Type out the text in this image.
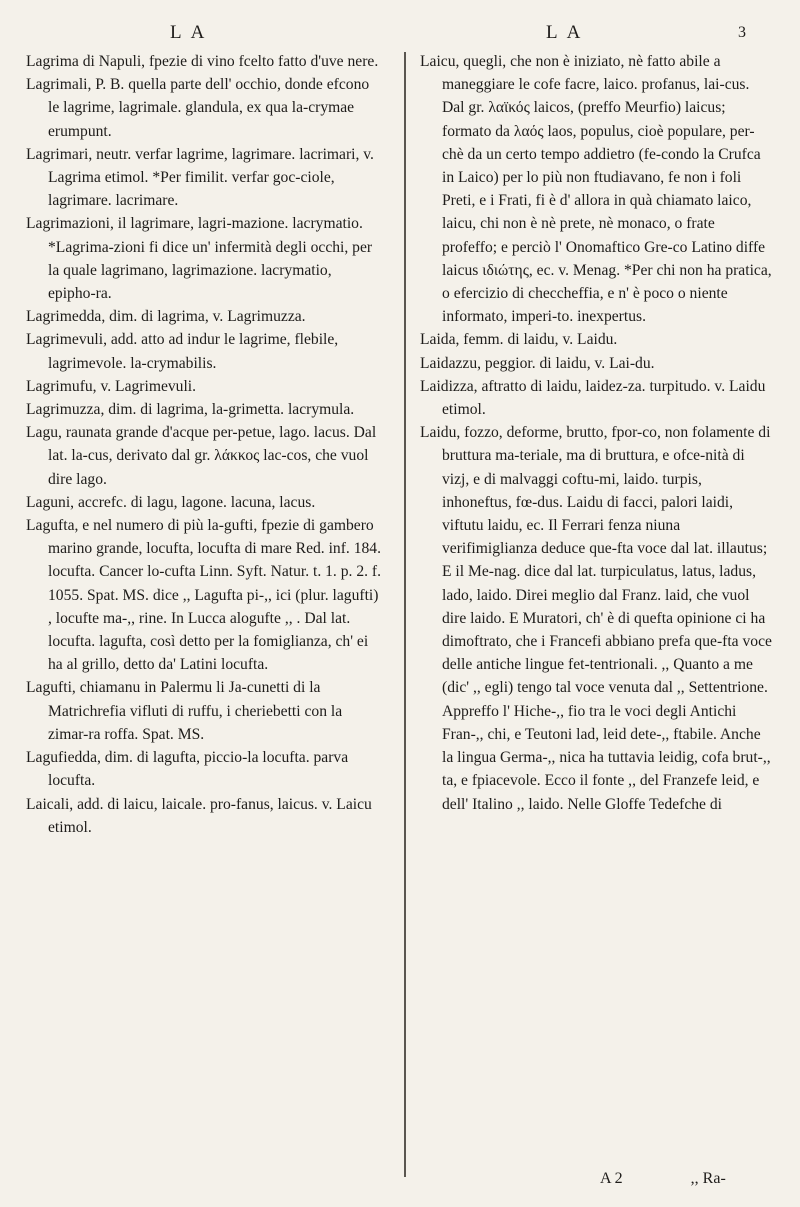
L A	L A	3

Lagrima di Napuli, fpezie di vino fcelto fatto d'uve nere.

Lagrimali, P. B. quella parte dell' occhio, donde efcono le lagrime, lagrimale. glandula, ex qua la-crymae erumpunt.

Lagrimari, neutr. verfar lagrime, lagrimare. lacrimari, v. Lagrima etimol. *Per fimilit. verfar goc-ciole, lagrimare. lacrimare.

Lagrimazioni, il lagrimare, lagri-mazione. lacrymatio. *Lagrima-zioni fi dice un' infermità degli occhi, per la quale lagrimano, lagrimazione. lacrymatio, epipho-ra.

Lagrimedda, dim. di lagrima, v. Lagrimuzza.

Lagrimevuli, add. atto ad indur le lagrime, flebile, lagrimevole. la-crymabilis.

Lagrimufu, v. Lagrimevuli.

Lagrimuzza, dim. di lagrima, la-grimetta. lacrymula.

Lagu, raunata grande d'acque per-petue, lago. lacus. Dal lat. la-cus, derivato dal gr. λάκκος lac-cos, che vuol dire lago.

Laguni, accrefc. di lagu, lagone. lacuna, lacus.

Lagufta, e nel numero di più la-gufti, fpezie di gambero marino grande, locufta, locufta di mare Red. inf. 184. locufta. Cancer lo-cufta Linn. Syft. Natur. t. 1. p. 2. f. 1055. Spat. MS. dice ,, Lagufta pi-,, ici (plur. lagufti) , locufte ma-,, rine. In Lucca alogufte ,, . Dal lat. locufta. lagufta, così detto per la fomiglianza, ch' ei ha al grillo, detto da' Latini locufta.

Lagufti, chiamanu in Palermu li Ja-cunetti di la Matrichrefia vifluti di ruffu, i cheriebetti con la zimar-ra roffa. Spat. MS.

Lagufiedda, dim. di lagufta, piccio-la locufta. parva locufta.

Laicali, add. di laicu, laicale. pro-fanus, laicus. v. Laicu etimol.

Laicu, quegli, che non è iniziato, nè fatto abile a maneggiare le cofe facre, laico. profanus, lai-cus. Dal gr. λαϊκός laicos, (preffo Meurfio) laicus; formato da λαός laos, populus, cioè populare, per-chè da un certo tempo addietro (fe-condo la Crufca in Laico) per lo più non ftudiavano, fe non i foli Preti, e i Frati, fi è d' allora in quà chiamato laico, laicu, chi non è nè prete, nè monaco, o frate profeffo; e perciò l' Onomaftico Gre-co Latino diffe laicus ιδιώτης, ec. v. Menag. *Per chi non ha pratica, o efercizio di checcheffia, e n' è poco o niente informato, imperi-to. inexpertus.

Laida, femm. di laidu, v. Laidu.

Laidazzu, peggior. di laidu, v. Lai-du.

Laidizza, aftratto di laidu, laidez-za. turpitudo. v. Laidu etimol.

Laidu, fozzo, deforme, brutto, fpor-co, non folamente di bruttura ma-teriale, ma di bruttura, e ofce-nità di vizj, e di malvaggi coftu-mi, laido. turpis, inhoneftus, fœ-dus. Laidu di facci, palori laidi, viftutu laidu, ec. Il Ferrari fenza niuna verifimiglianza deduce que-fta voce dal lat. illautus; E il Me-nag. dice dal lat. turpiculatus, latus, ladus, lado, laido. Direi meglio dal Franz. laid, che vuol dire laido. E Muratori, ch' è di quefta opinione ci ha dimoftrato, che i Francefi abbiano prefa que-fta voce delle antiche lingue fet-tentrionali. ,, Quanto a me (dic' ,, egli) tengo tal voce venuta dal ,, Settentrione. Appreffo l' Hiche-,, fio tra le voci degli Antichi Fran-,, chi, e Teutoni lad, leid dete-,, ftabile. Anche la lingua Germa-,, nica ha tuttavia leidig, cofa brut-,, ta, e fpiacevole. Ecco il fonte ,, del Franzefe leid, e dell' Italino ,, laido. Nelle Gloffe Tedefche di

A 2	,, Ra-
